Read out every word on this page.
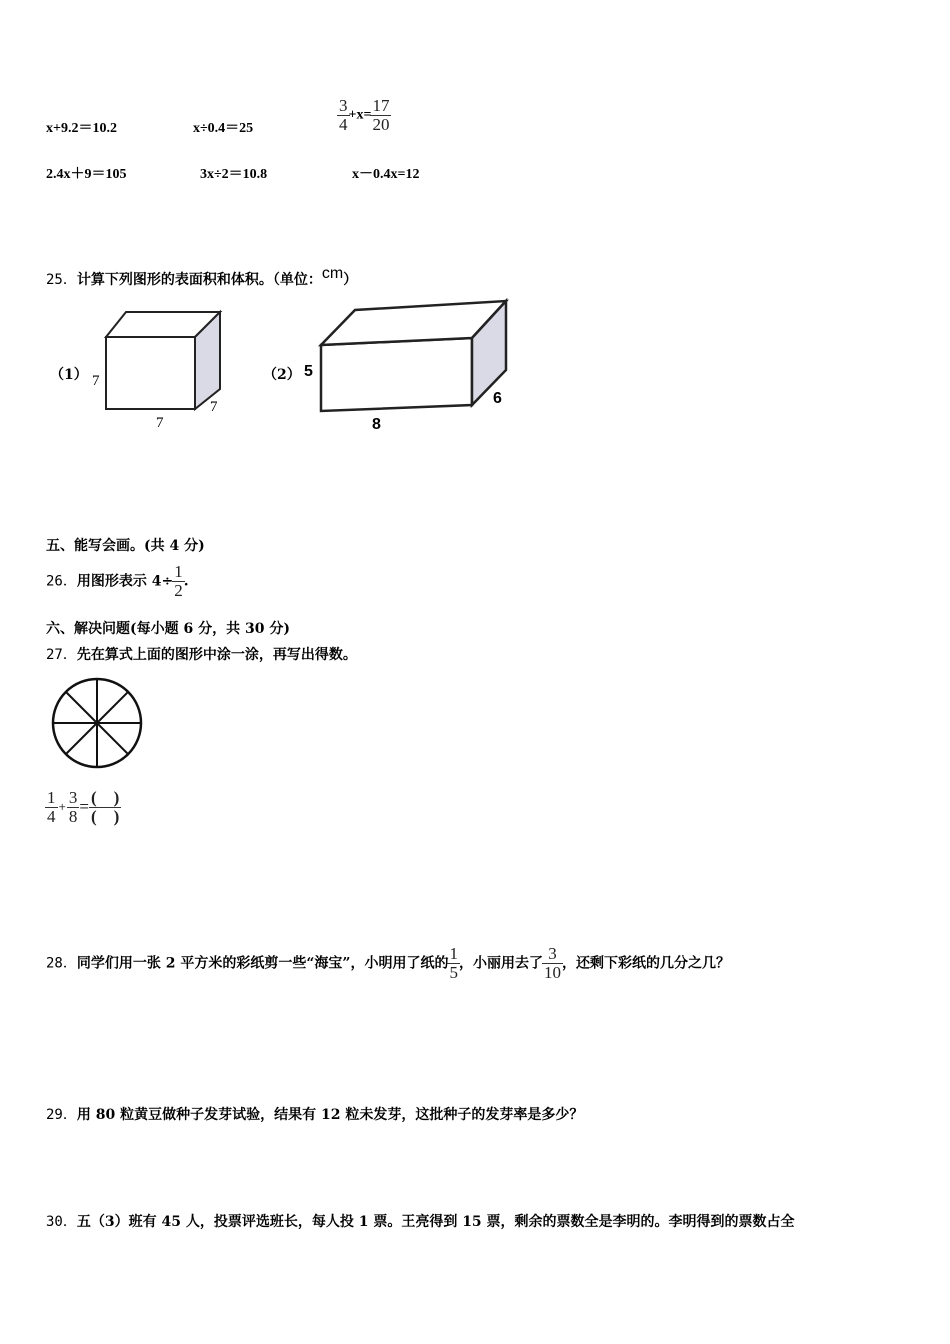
x+9.2＝10.2	x÷0.4＝25	$\frac{3}{4} +x= \frac{17}{20}$
2.4x＋9＝105	3x÷2＝10.8	x－0.4x=12
25．计算下列图形的表面积和体积。（单位：cm）
（1） 7
7
7
（2） 5
8
6
五、能写会画。(共 4 分)
26．用图形表示 $4\div \frac{1}{2}$ .
六、解决问题(每小题 6 分，共 30 分)
27．先在算式上面的图形中涂一涂，再写出得数。
$\frac{1}{4} + \frac{3}{8} = \frac{( )}{( )}$
28．同学们用一张 2 平方米的彩纸剪一些“海宝”，小明用了纸的 $\frac{1}{5}$ ，小丽用去了 $\frac{3}{10}$ ，还剩下彩纸的几分之几？
29．用 80 粒黄豆做种子发芽试验，结果有 12 粒未发芽，这批种子的发芽率是多少？
30．五（3）班有 45 人，投票评选班长，每人投 1 票。王亮得到 15 票，剩余的票数全是李明的。李明得到的票数占全
